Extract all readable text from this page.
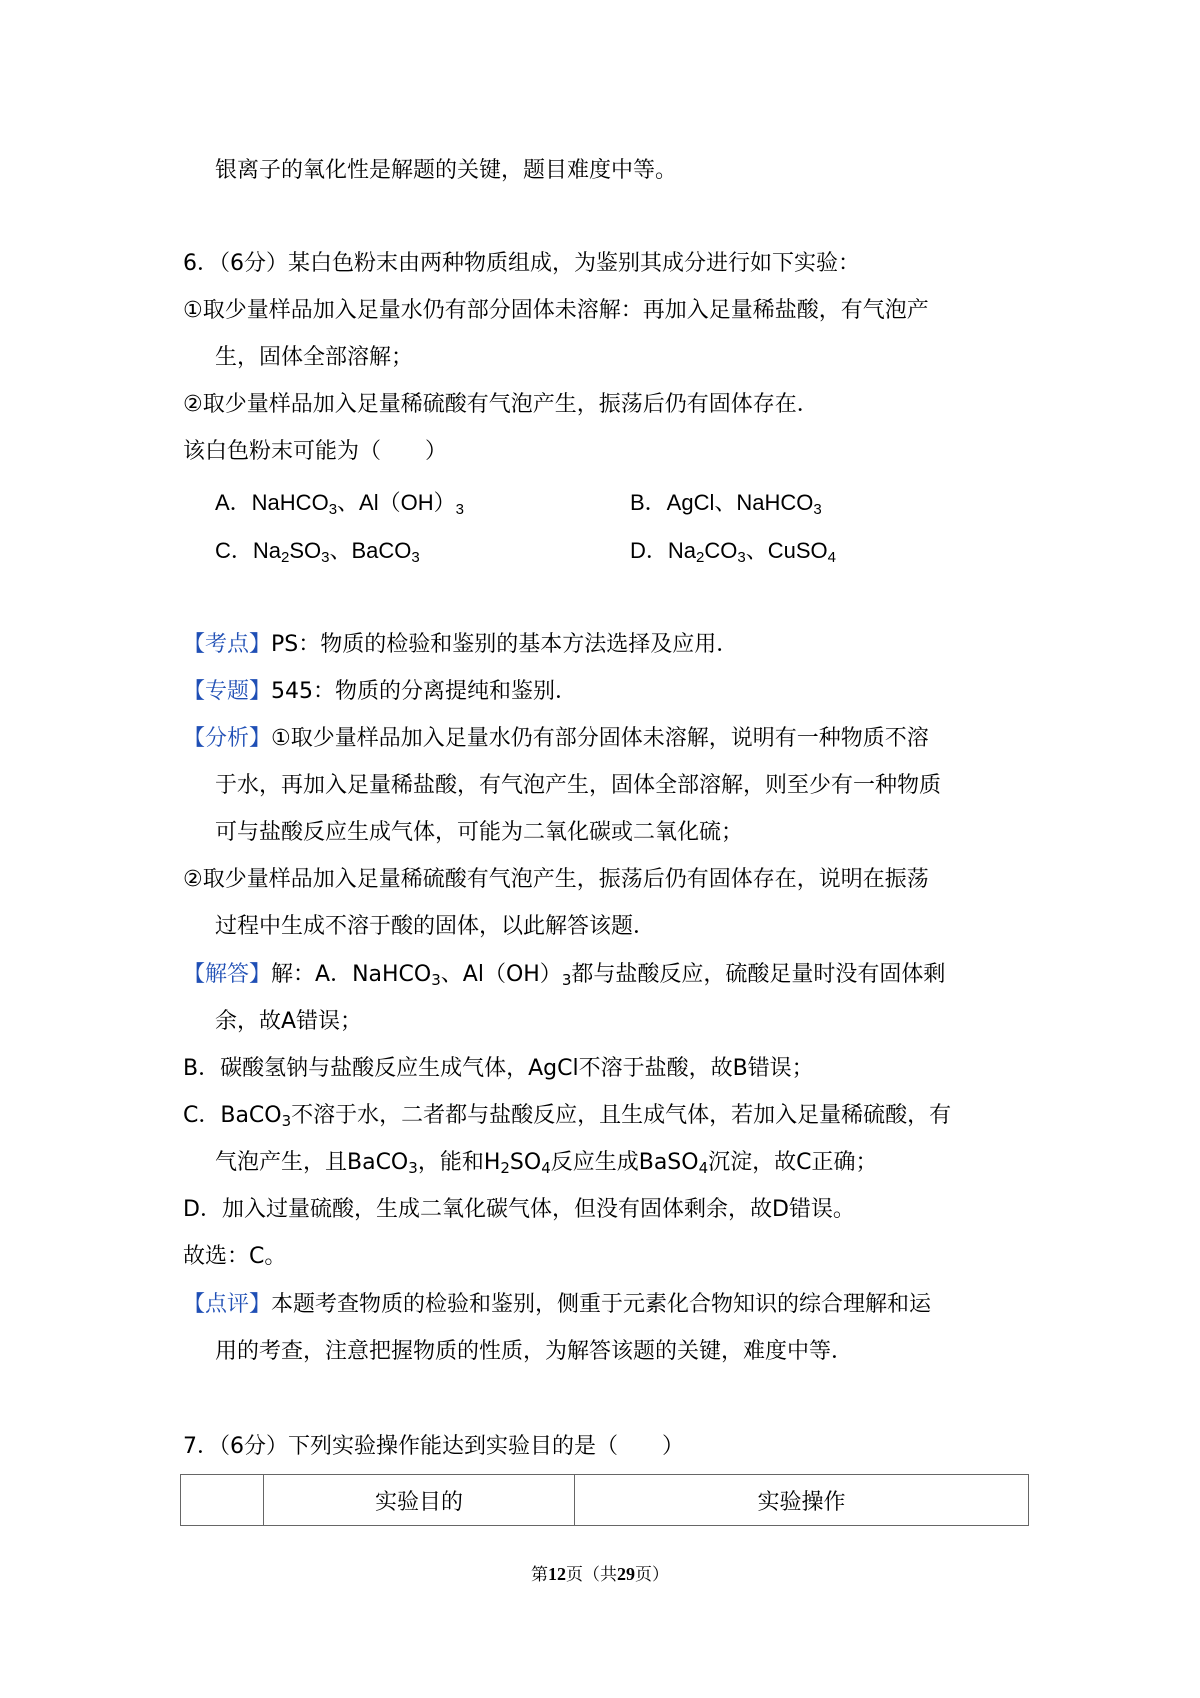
银离子的氧化性是解题的关键，题目难度中等。
6．（6分）某白色粉末由两种物质组成，为鉴别其成分进行如下实验：
①取少量样品加入足量水仍有部分固体未溶解：再加入足量稀盐酸，有气泡产
生，固体全部溶解；
②取少量样品加入足量稀硫酸有气泡产生，振荡后仍有固体存在．
该白色粉末可能为（　　）
A．NaHCO$_3$、$Al(OH)_3$	B．AgCl、NaHCO$_3$
C．$Na_2SO_3$、BaCO$_3$	D．$Na_2CO_3$、CuSO$_4$
【考点】PS：物质的检验和鉴别的基本方法选择及应用．
【专题】545：物质的分离提纯和鉴别．
【分析】①取少量样品加入足量水仍有部分固体未溶解，说明有一种物质不溶
于水，再加入足量稀盐酸，有气泡产生，固体全部溶解，则至少有一种物质
可与盐酸反应生成气体，可能为二氧化碳或二氧化硫；
②取少量样品加入足量稀硫酸有气泡产生，振荡后仍有固体存在，说明在振荡
过程中生成不溶于酸的固体，以此解答该题．
【解答】解：A．NaHCO$_3$、$Al(OH)_3$都与盐酸反应，硫酸足量时没有固体剩
余，故A错误；
B．碳酸氢钠与盐酸反应生成气体，AgCl不溶于盐酸，故B错误；
C．BaCO$_3$不溶于水，二者都与盐酸反应，且生成气体，若加入足量稀硫酸，有
气泡产生，且BaCO$_3$，能和$H_2SO_4$反应生成BaSO$_4$沉淀，故C正确；
D．加入过量硫酸，生成二氧化碳气体，但没有固体剩余，故D错误。
故选：C。
【点评】本题考查物质的检验和鉴别，侧重于元素化合物知识的综合理解和运
用的考查，注意把握物质的性质，为解答该题的关键，难度中等．
7．（6分）下列实验操作能达到实验目的是（　　）
	实验目的	实验操作
第12页（共29页）
